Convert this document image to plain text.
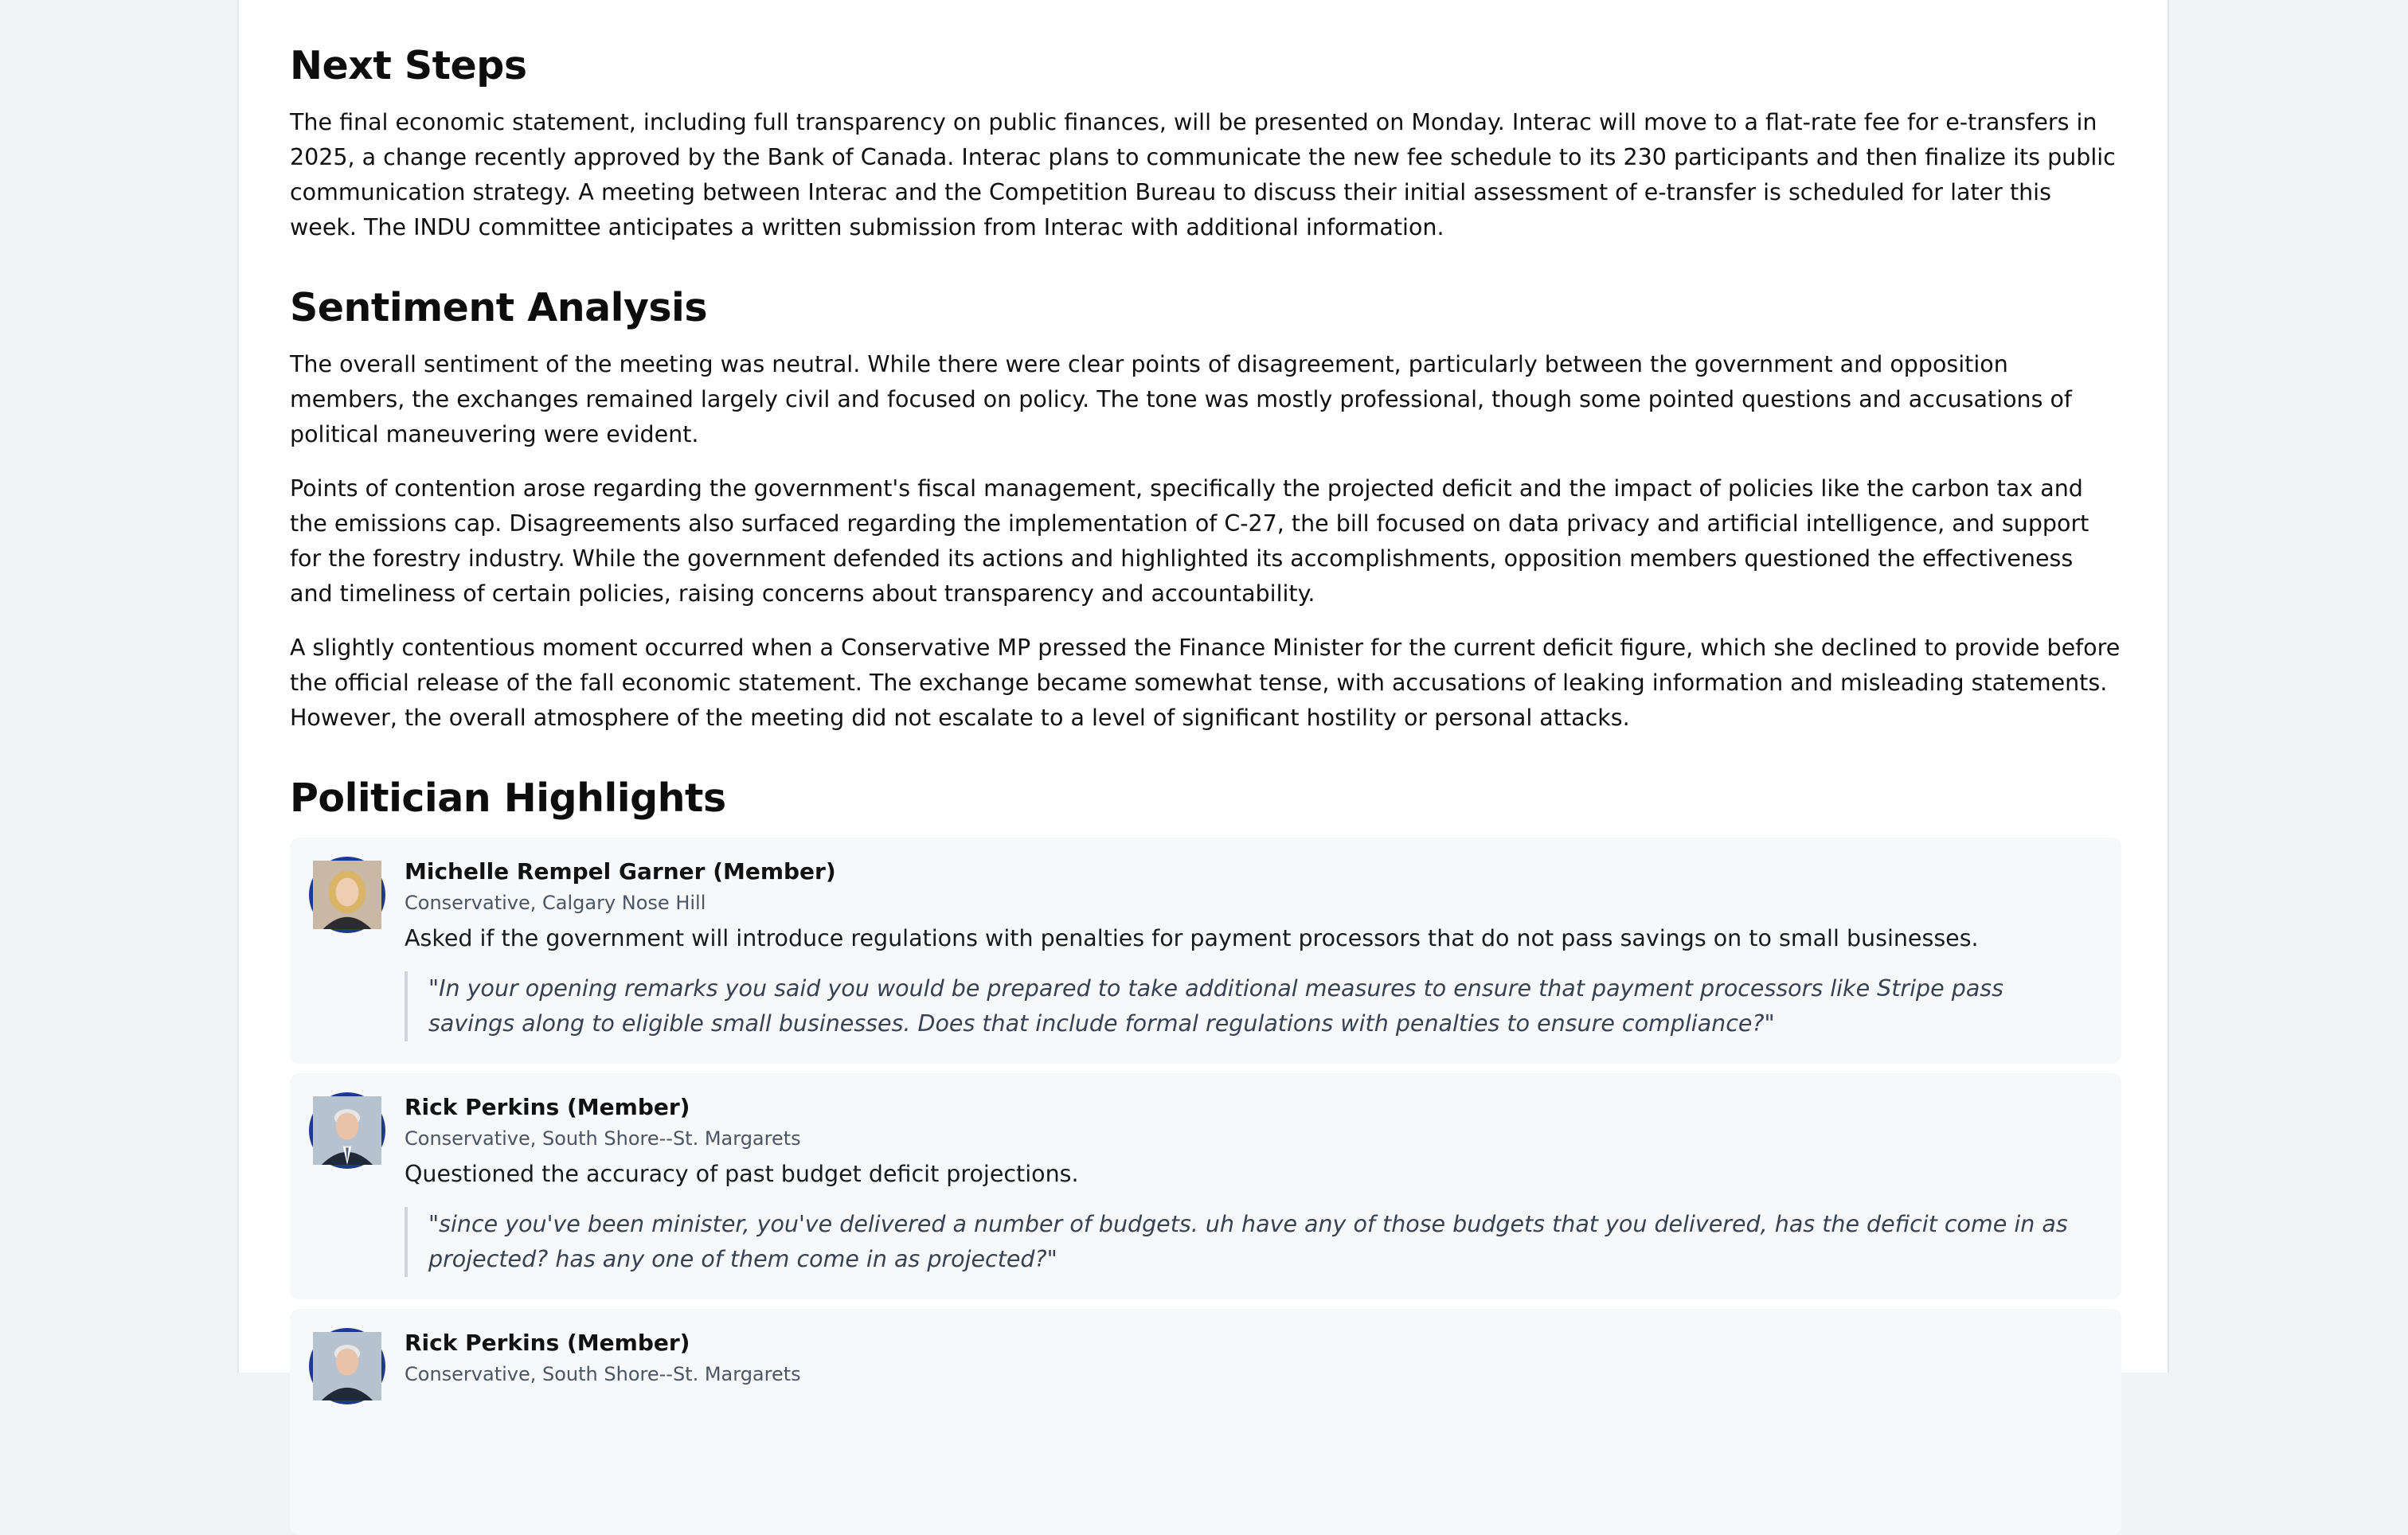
Next Steps

The final economic statement, including full transparency on public finances, will be presented on Monday. Interac will move to a flat-rate fee for e-transfers in 2025, a change recently approved by the Bank of Canada. Interac plans to communicate the new fee schedule to its 230 participants and then finalize its public communication strategy. A meeting between Interac and the Competition Bureau to discuss their initial assessment of e-transfer is scheduled for later this week. The INDU committee anticipates a written submission from Interac with additional information.

Sentiment Analysis

The overall sentiment of the meeting was neutral. While there were clear points of disagreement, particularly between the government and opposition members, the exchanges remained largely civil and focused on policy. The tone was mostly professional, though some pointed questions and accusations of political maneuvering were evident.

Points of contention arose regarding the government's fiscal management, specifically the projected deficit and the impact of policies like the carbon tax and the emissions cap. Disagreements also surfaced regarding the implementation of C-27, the bill focused on data privacy and artificial intelligence, and support for the forestry industry. While the government defended its actions and highlighted its accomplishments, opposition members questioned the effectiveness and timeliness of certain policies, raising concerns about transparency and accountability.

A slightly contentious moment occurred when a Conservative MP pressed the Finance Minister for the current deficit figure, which she declined to provide before the official release of the fall economic statement. The exchange became somewhat tense, with accusations of leaking information and misleading statements. However, the overall atmosphere of the meeting did not escalate to a level of significant hostility or personal attacks.

Politician Highlights
Michelle Rempel Garner (Member)
Conservative, Calgary Nose Hill
Asked if the government will introduce regulations with penalties for payment processors that do not pass savings on to small businesses.
"In your opening remarks you said you would be prepared to take additional measures to ensure that payment processors like Stripe pass savings along to eligible small businesses. Does that include formal regulations with penalties to ensure compliance?"
Rick Perkins (Member)
Conservative, South Shore--St. Margarets
Questioned the accuracy of past budget deficit projections.
"since you've been minister, you've delivered a number of budgets. uh have any of those budgets that you delivered, has the deficit come in as projected? has any one of them come in as projected?"
Rick Perkins (Member)
Conservative, South Shore--St. Margarets
